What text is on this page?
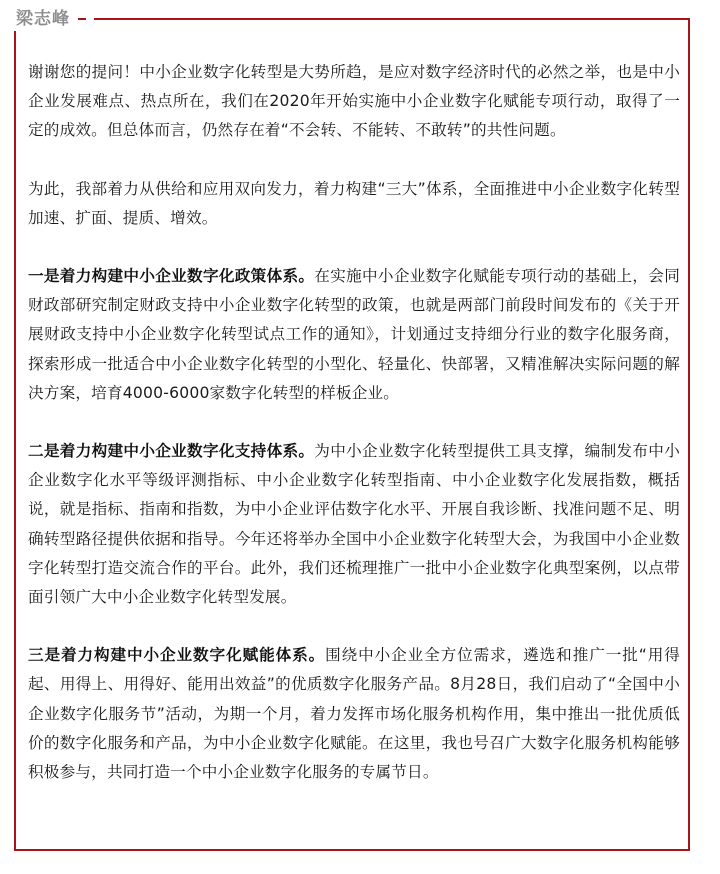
梁志峰

谢谢您的提问！中小企业数字化转型是大势所趋，是应对数字经济时代的必然之举，也是中小企业发展难点、热点所在，我们在2020年开始实施中小企业数字化赋能专项行动，取得了一定的成效。但总体而言，仍然存在着“不会转、不能转、不敢转”的共性问题。

为此，我部着力从供给和应用双向发力，着力构建“三大”体系，全面推进中小企业数字化转型加速、扩面、提质、增效。

一是着力构建中小企业数字化政策体系。在实施中小企业数字化赋能专项行动的基础上，会同财政部研究制定财政支持中小企业数字化转型的政策，也就是两部门前段时间发布的《关于开展财政支持中小企业数字化转型试点工作的通知》，计划通过支持细分行业的数字化服务商，探索形成一批适合中小企业数字化转型的小型化、轻量化、快部署，又精准解决实际问题的解决方案，培育4000-6000家数字化转型的样板企业。

二是着力构建中小企业数字化支持体系。为中小企业数字化转型提供工具支撑，编制发布中小企业数字化水平等级评测指标、中小企业数字化转型指南、中小企业数字化发展指数，概括说，就是指标、指南和指数，为中小企业评估数字化水平、开展自我诊断、找准问题不足、明确转型路径提供依据和指导。今年还将举办全国中小企业数字化转型大会，为我国中小企业数字化转型打造交流合作的平台。此外，我们还梳理推广一批中小企业数字化典型案例，以点带面引领广大中小企业数字化转型发展。

三是着力构建中小企业数字化赋能体系。围绕中小企业全方位需求，遴选和推广一批“用得起、用得上、用得好、能用出效益”的优质数字化服务产品。8月28日，我们启动了“全国中小企业数字化服务节”活动，为期一个月，着力发挥市场化服务机构作用，集中推出一批优质低价的数字化服务和产品，为中小企业数字化赋能。在这里，我也号召广大数字化服务机构能够积极参与，共同打造一个中小企业数字化服务的专属节日。
